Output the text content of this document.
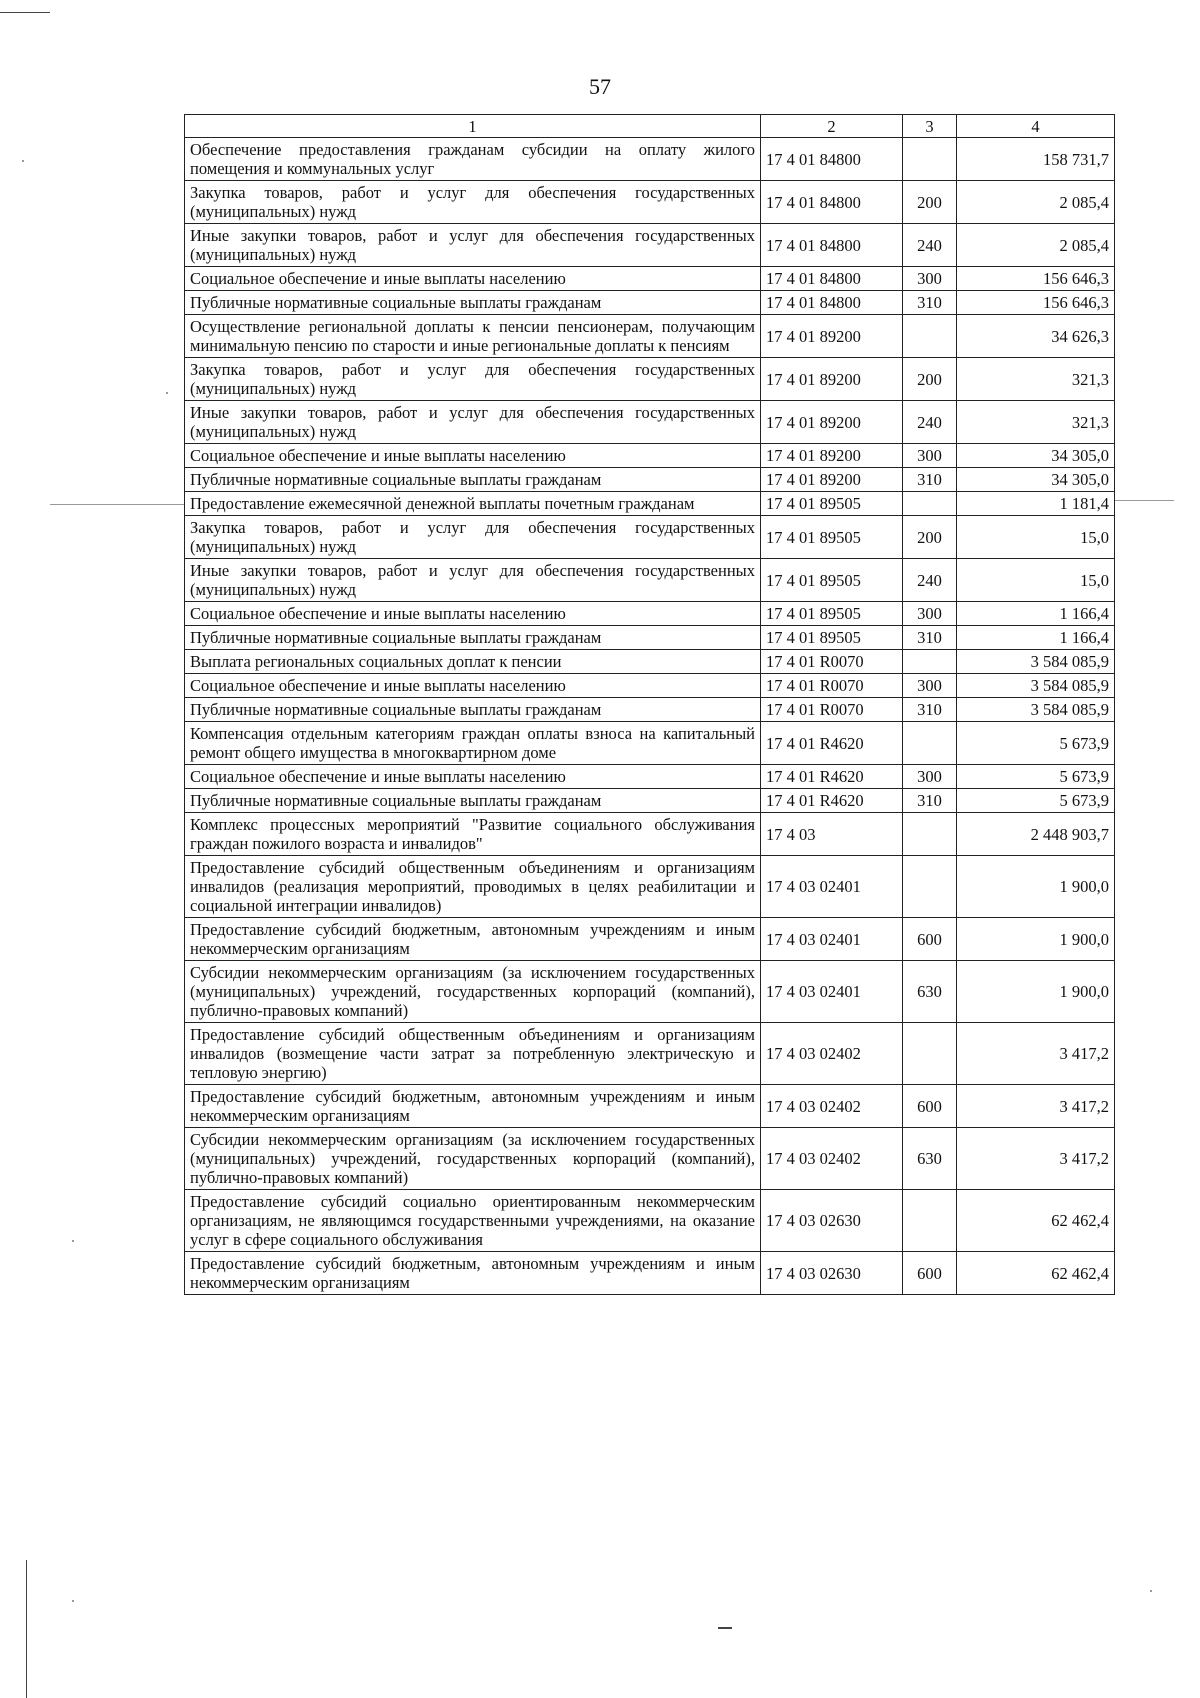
57
1	2	3	4
Обеспечение предоставления гражданам субсидии на оплату жилого помещения и коммунальных услуг	17 4 01 84800		158 731,7
Закупка товаров, работ и услуг для обеспечения государственных (муниципальных) нужд	17 4 01 84800	200	2 085,4
Иные закупки товаров, работ и услуг для обеспечения государственных (муниципальных) нужд	17 4 01 84800	240	2 085,4
Социальное обеспечение и иные выплаты населению	17 4 01 84800	300	156 646,3
Публичные нормативные социальные выплаты гражданам	17 4 01 84800	310	156 646,3
Осуществление региональной доплаты к пенсии пенсионерам, получающим минимальную пенсию по старости и иные региональные доплаты к пенсиям	17 4 01 89200		34 626,3
Закупка товаров, работ и услуг для обеспечения государственных (муниципальных) нужд	17 4 01 89200	200	321,3
Иные закупки товаров, работ и услуг для обеспечения государственных (муниципальных) нужд	17 4 01 89200	240	321,3
Социальное обеспечение и иные выплаты населению	17 4 01 89200	300	34 305,0
Публичные нормативные социальные выплаты гражданам	17 4 01 89200	310	34 305,0
Предоставление ежемесячной денежной выплаты почетным гражданам	17 4 01 89505		1 181,4
Закупка товаров, работ и услуг для обеспечения государственных (муниципальных) нужд	17 4 01 89505	200	15,0
Иные закупки товаров, работ и услуг для обеспечения государственных (муниципальных) нужд	17 4 01 89505	240	15,0
Социальное обеспечение и иные выплаты населению	17 4 01 89505	300	1 166,4
Публичные нормативные социальные выплаты гражданам	17 4 01 89505	310	1 166,4
Выплата региональных социальных доплат к пенсии	17 4 01 R0070		3 584 085,9
Социальное обеспечение и иные выплаты населению	17 4 01 R0070	300	3 584 085,9
Публичные нормативные социальные выплаты гражданам	17 4 01 R0070	310	3 584 085,9
Компенсация отдельным категориям граждан оплаты взноса на капитальный ремонт общего имущества в многоквартирном доме	17 4 01 R4620		5 673,9
Социальное обеспечение и иные выплаты населению	17 4 01 R4620	300	5 673,9
Публичные нормативные социальные выплаты гражданам	17 4 01 R4620	310	5 673,9
Комплекс процессных мероприятий "Развитие социального обслуживания граждан пожилого возраста и инвалидов"	17 4 03		2 448 903,7
Предоставление субсидий общественным объединениям и организациям инвалидов (реализация мероприятий, проводимых в целях реабилитации и социальной интеграции инвалидов)	17 4 03 02401		1 900,0
Предоставление субсидий бюджетным, автономным учреждениям и иным некоммерческим организациям	17 4 03 02401	600	1 900,0
Субсидии некоммерческим организациям (за исключением государственных (муниципальных) учреждений, государственных корпораций (компаний), публично-правовых компаний)	17 4 03 02401	630	1 900,0
Предоставление субсидий общественным объединениям и организациям инвалидов (возмещение части затрат за потребленную электрическую и тепловую энергию)	17 4 03 02402		3 417,2
Предоставление субсидий бюджетным, автономным учреждениям и иным некоммерческим организациям	17 4 03 02402	600	3 417,2
Субсидии некоммерческим организациям (за исключением государственных (муниципальных) учреждений, государственных корпораций (компаний), публично-правовых компаний)	17 4 03 02402	630	3 417,2
Предоставление субсидий социально ориентированным некоммерческим организациям, не являющимся государственными учреждениями, на оказание услуг в сфере социального обслуживания	17 4 03 02630		62 462,4
Предоставление субсидий бюджетным, автономным учреждениям и иным некоммерческим организациям	17 4 03 02630	600	62 462,4
